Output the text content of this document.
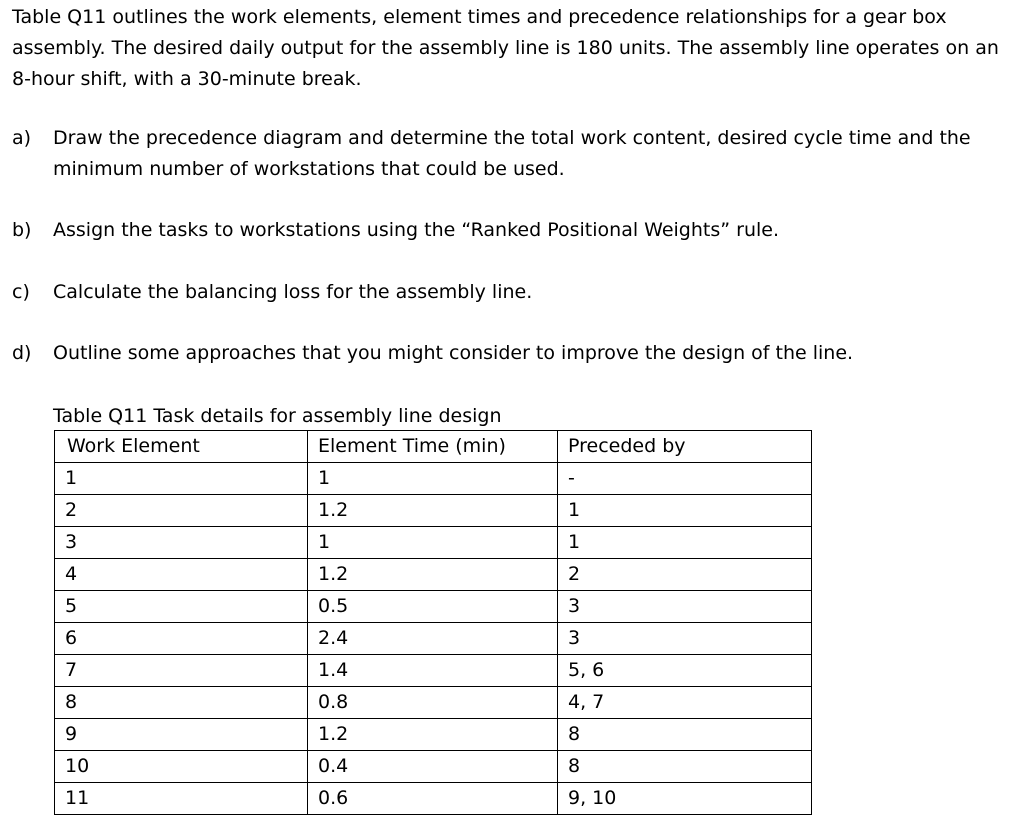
Table Q11 outlines the work elements, element times and precedence relationships for a gear box assembly. The desired daily output for the assembly line is 180 units. The assembly line operates on an 8-hour shift, with a 30-minute break.

a) Draw the precedence diagram and determine the total work content, desired cycle time and the minimum number of workstations that could be used.
b) Assign the tasks to workstations using the “Ranked Positional Weights” rule.
c) Calculate the balancing loss for the assembly line.
d) Outline some approaches that you might consider to improve the design of the line.

Table Q11 Task details for assembly line design

Work Element	Element Time (min)	Preceded by
1	1	-
2	1.2	1
3	1	1
4	1.2	2
5	0.5	3
6	2.4	3
7	1.4	5, 6
8	0.8	4, 7
9	1.2	8
10	0.4	8
11	0.6	9, 10
